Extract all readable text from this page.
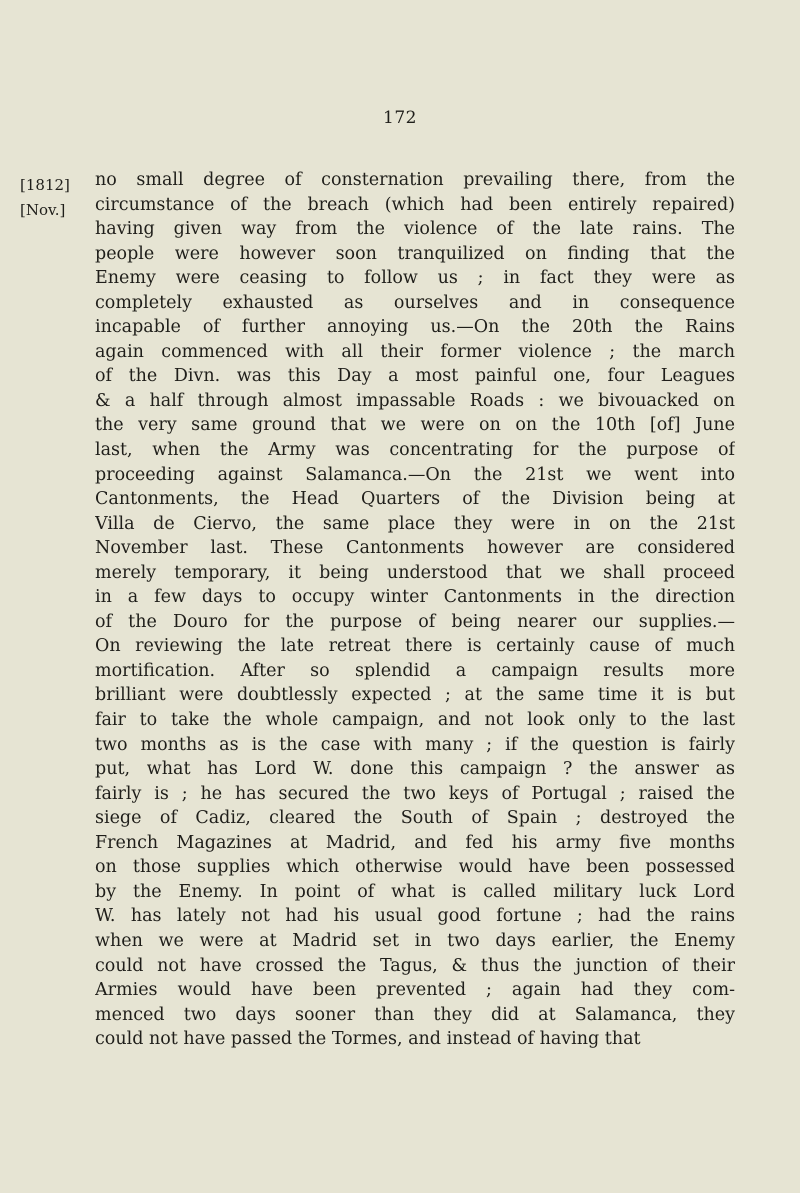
172
[1812]
[Nov.]
no small degree of consternation prevailing there, from the
circumstance of the breach (which had been entirely repaired)
having given way from the violence of the late rains. The
people were however soon tranquilized on finding that the
Enemy were ceasing to follow us ; in fact they were as
completely exhausted as ourselves and in consequence
incapable of further annoying us.—On the 20th the Rains
again commenced with all their former violence ; the march
of the Divn. was this Day a most painful one, four Leagues
& a half through almost impassable Roads : we bivouacked on
the very same ground that we were on on the 10th [of] June
last, when the Army was concentrating for the purpose of
proceeding against Salamanca.—On the 21st we went into
Cantonments, the Head Quarters of the Division being at
Villa de Ciervo, the same place they were in on the 21st
November last. These Cantonments however are considered
merely temporary, it being understood that we shall proceed
in a few days to occupy winter Cantonments in the direction
of the Douro for the purpose of being nearer our supplies.—
On reviewing the late retreat there is certainly cause of much
mortification. After so splendid a campaign results more
brilliant were doubtlessly expected ; at the same time it is but
fair to take the whole campaign, and not look only to the last
two months as is the case with many ; if the question is fairly
put, what has Lord W. done this campaign ? the answer as
fairly is ; he has secured the two keys of Portugal ; raised the
siege of Cadiz, cleared the South of Spain ; destroyed the
French Magazines at Madrid, and fed his army five months
on those supplies which otherwise would have been possessed
by the Enemy. In point of what is called military luck Lord
W. has lately not had his usual good fortune ; had the rains
when we were at Madrid set in two days earlier, the Enemy
could not have crossed the Tagus, & thus the junction of their
Armies would have been prevented ; again had they com-
menced two days sooner than they did at Salamanca, they
could not have passed the Tormes, and instead of having that
